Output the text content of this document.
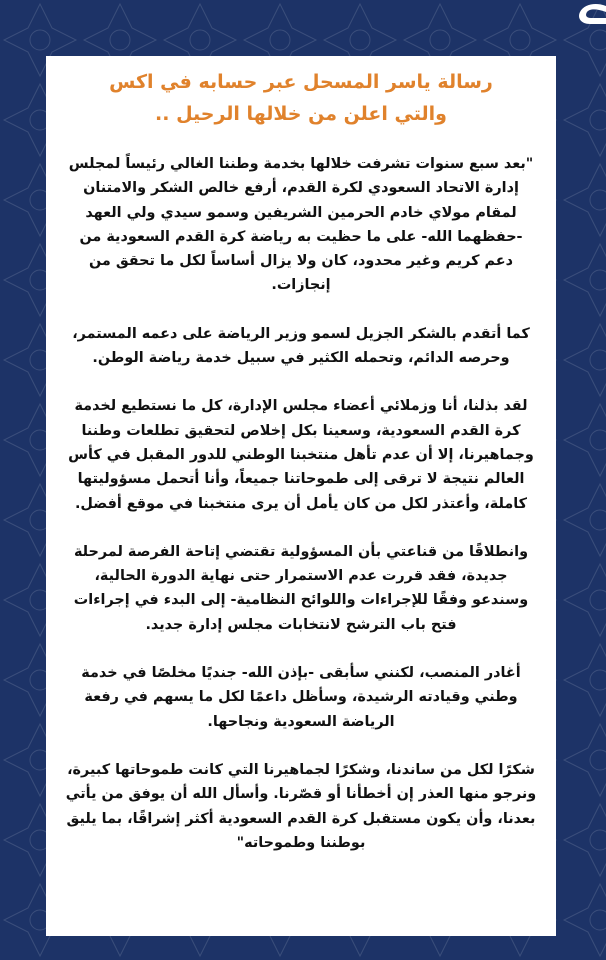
رسالة ياسر المسحل عبر حسابه في اكس
والتي اعلن من خلالها الرحيل ..

"بعد سبع سنوات تشرفت خلالها بخدمة وطننا الغالي رئيساً لمجلس إدارة الاتحاد السعودي لكرة القدم، أرفع خالص الشكر والامتنان لمقام مولاي خادم الحرمين الشريفين وسمو سيدي ولي العهد -حفظهما الله- على ما حظيت به رياضة كرة القدم السعودية من دعم كريم وغير محدود، كان ولا يزال أساساً لكل ما تحقق من إنجازات.

كما أتقدم بالشكر الجزيل لسمو وزير الرياضة على دعمه المستمر، وحرصه الدائم، وتحمله الكثير في سبيل خدمة رياضة الوطن.

لقد بذلنا، أنا وزملائي أعضاء مجلس الإدارة، كل ما نستطيع لخدمة كرة القدم السعودية، وسعينا بكل إخلاص لتحقيق تطلعات وطننا وجماهيرنا، إلا أن عدم تأهل منتخبنا الوطني للدور المقبل في كأس العالم نتيجة لا ترقى إلى طموحاتنا جميعاً، وأنا أتحمل مسؤوليتها كاملة، وأعتذر لكل من كان يأمل أن يرى منتخبنا في موقع أفضل.

وانطلاقًا من قناعتي بأن المسؤولية تقتضي إتاحة الفرصة لمرحلة جديدة، فقد قررت عدم الاستمرار حتى نهاية الدورة الحالية، وسندعو وفقًا للإجراءات واللوائح النظامية- إلى البدء في إجراءات فتح باب الترشح لانتخابات مجلس إدارة جديد.

أغادر المنصب، لكنني سأبقى -بإذن الله- جنديًا مخلصًا في خدمة وطني وقيادته الرشيدة، وسأظل داعمًا لكل ما يسهم في رفعة الرياضة السعودية ونجاحها.

شكرًا لكل من ساندنا، وشكرًا لجماهيرنا التي كانت طموحاتها كبيرة، ونرجو منها العذر إن أخطأنا أو قصّرنا. وأسأل الله أن يوفق من يأتي بعدنا، وأن يكون مستقبل كرة القدم السعودية أكثر إشراقًا، بما يليق بوطننا وطموحاته"
